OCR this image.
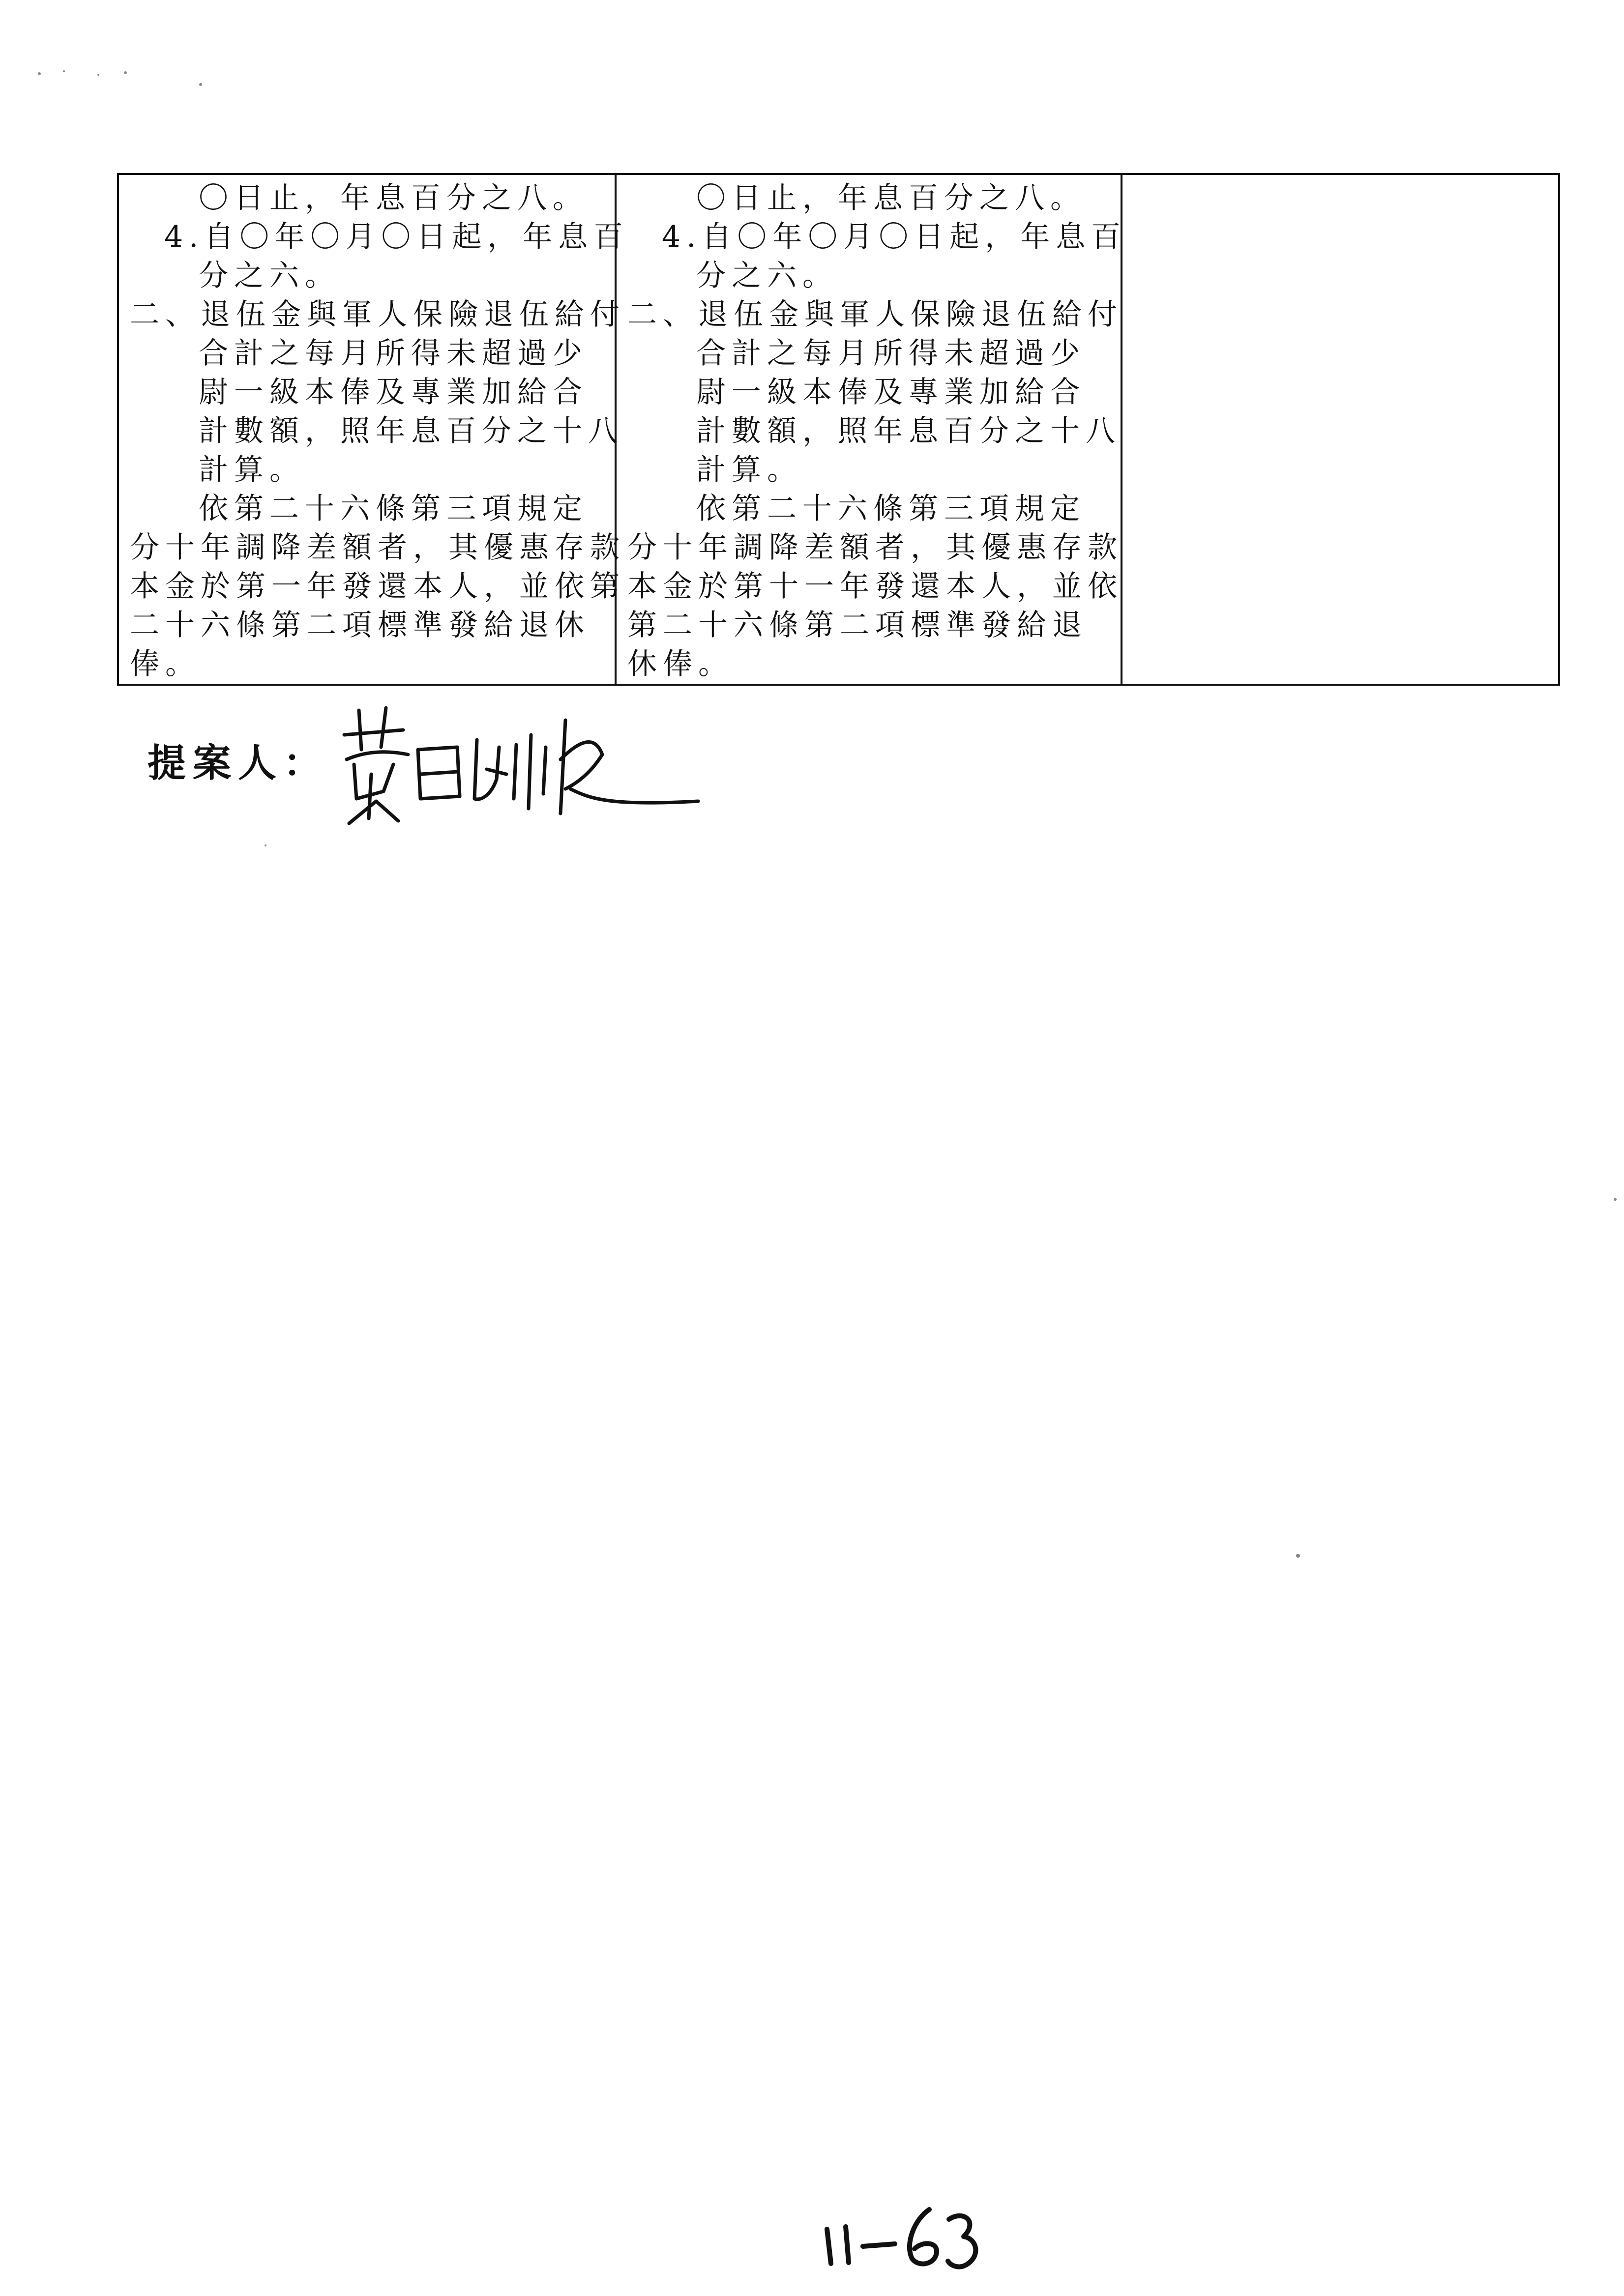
〇日止，年息百分之八。
4.自〇年〇月〇日起，年息百
分之六。
二、退伍金與軍人保險退伍給付
合計之每月所得未超過少
尉一級本俸及專業加給合
計數額，照年息百分之十八
計算。
依第二十六條第三項規定
分十年調降差額者，其優惠存款
本金於第一年發還本人，並依第
二十六條第二項標準發給退休
俸。

〇日止，年息百分之八。
4.自〇年〇月〇日起，年息百
分之六。
二、退伍金與軍人保險退伍給付
合計之每月所得未超過少
尉一級本俸及專業加給合
計數額，照年息百分之十八
計算。
依第二十六條第三項規定
分十年調降差額者，其優惠存款
本金於第十一年發還本人，並依
第二十六條第二項標準發給退
休俸。

提案人：
